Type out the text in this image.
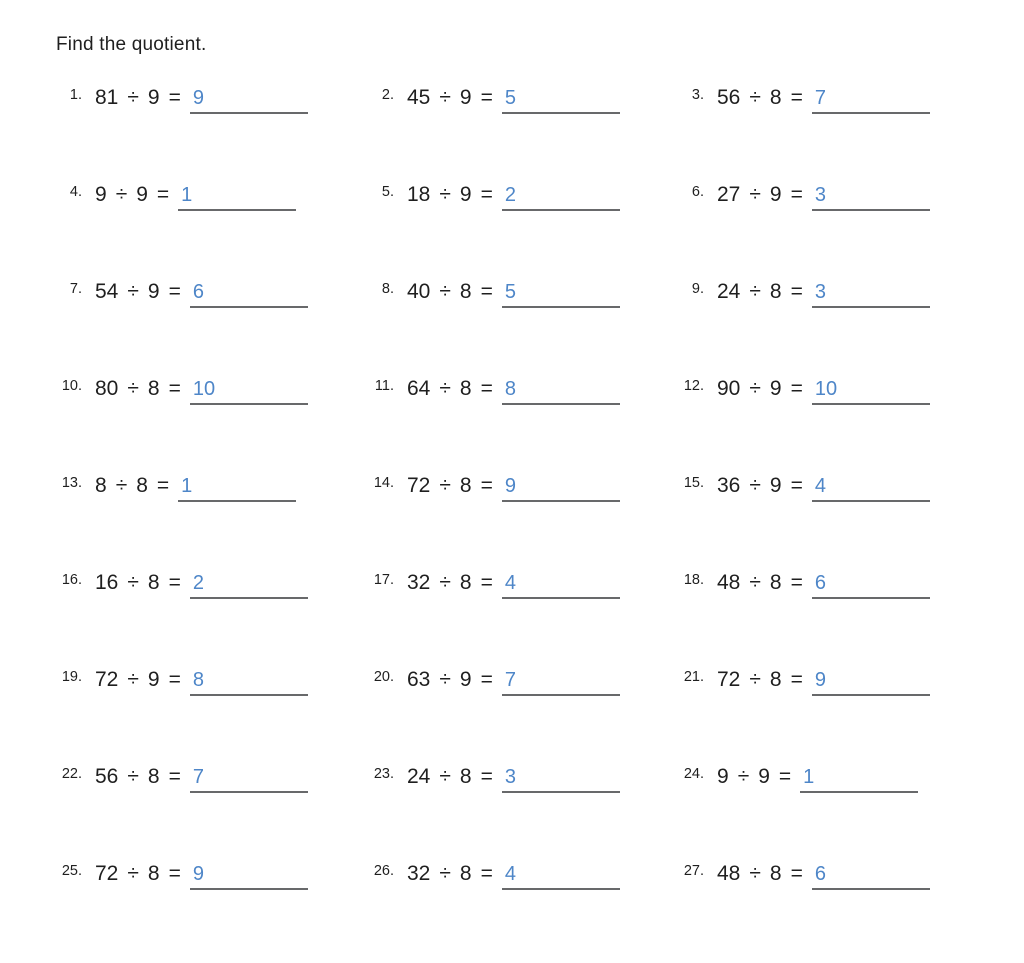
Find the quotient.
1. 81 ÷ 9 = 9	2. 45 ÷ 9 = 5	3. 56 ÷ 8 = 7
4. 9 ÷ 9 = 1	5. 18 ÷ 9 = 2	6. 27 ÷ 9 = 3
7. 54 ÷ 9 = 6	8. 40 ÷ 8 = 5	9. 24 ÷ 8 = 3
10. 80 ÷ 8 = 10	11. 64 ÷ 8 = 8	12. 90 ÷ 9 = 10
13. 8 ÷ 8 = 1	14. 72 ÷ 8 = 9	15. 36 ÷ 9 = 4
16. 16 ÷ 8 = 2	17. 32 ÷ 8 = 4	18. 48 ÷ 8 = 6
19. 72 ÷ 9 = 8	20. 63 ÷ 9 = 7	21. 72 ÷ 8 = 9
22. 56 ÷ 8 = 7	23. 24 ÷ 8 = 3	24. 9 ÷ 9 = 1
25. 72 ÷ 8 = 9	26. 32 ÷ 8 = 4	27. 48 ÷ 8 = 6
